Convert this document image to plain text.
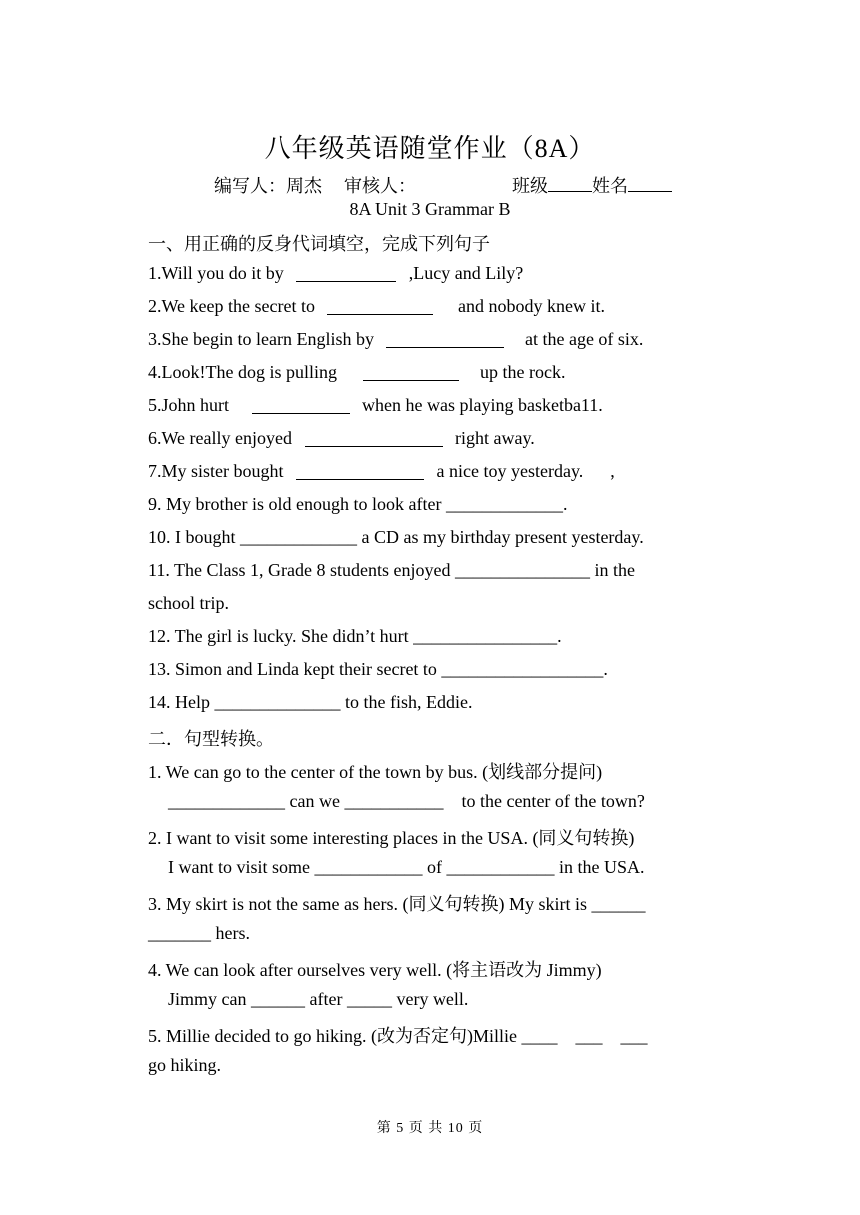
八年级英语随堂作业（8A）
编写人：周杰 审核人：	班级 姓名
8A Unit 3 Grammar B
一、用正确的反身代词填空，完成下列句子
1.Will you do it by	,Lucy and Lily?
2.We keep the secret to	and nobody knew it.
3.She begin to learn English by	at the age of six.
4.Look!The dog is pulling	up the rock.
5.John hurt	when he was playing basketba11.
6.We really enjoyed	right away.
7.My sister bought	a nice toy yesterday.      ,
9. My brother is old enough to look after _____________.
10. I bought _____________ a CD as my birthday present yesterday.
11. The Class 1, Grade 8 students enjoyed _______________ in the
school trip.
12. The girl is lucky. She didn’t hurt ________________.
13. Simon and Linda kept their secret to __________________.
14. Help ______________ to the fish, Eddie.
二．句型转换。
1. We can go to the center of the town by bus. (划线部分提问)
_____________ can we ___________    to the center of the town?
2. I want to visit some interesting places in the USA. (同义句转换)
I want to visit some ____________ of ____________ in the USA.
3. My skirt is not the same as hers. (同义句转换) My skirt is ______
_______ hers.
4. We can look after ourselves very well. (将主语改为 Jimmy)
Jimmy can ______ after _____ very well.
5. Millie decided to go hiking. (改为否定句)Millie ____    ___    ___
go hiking.
第 5 页 共 10 页
